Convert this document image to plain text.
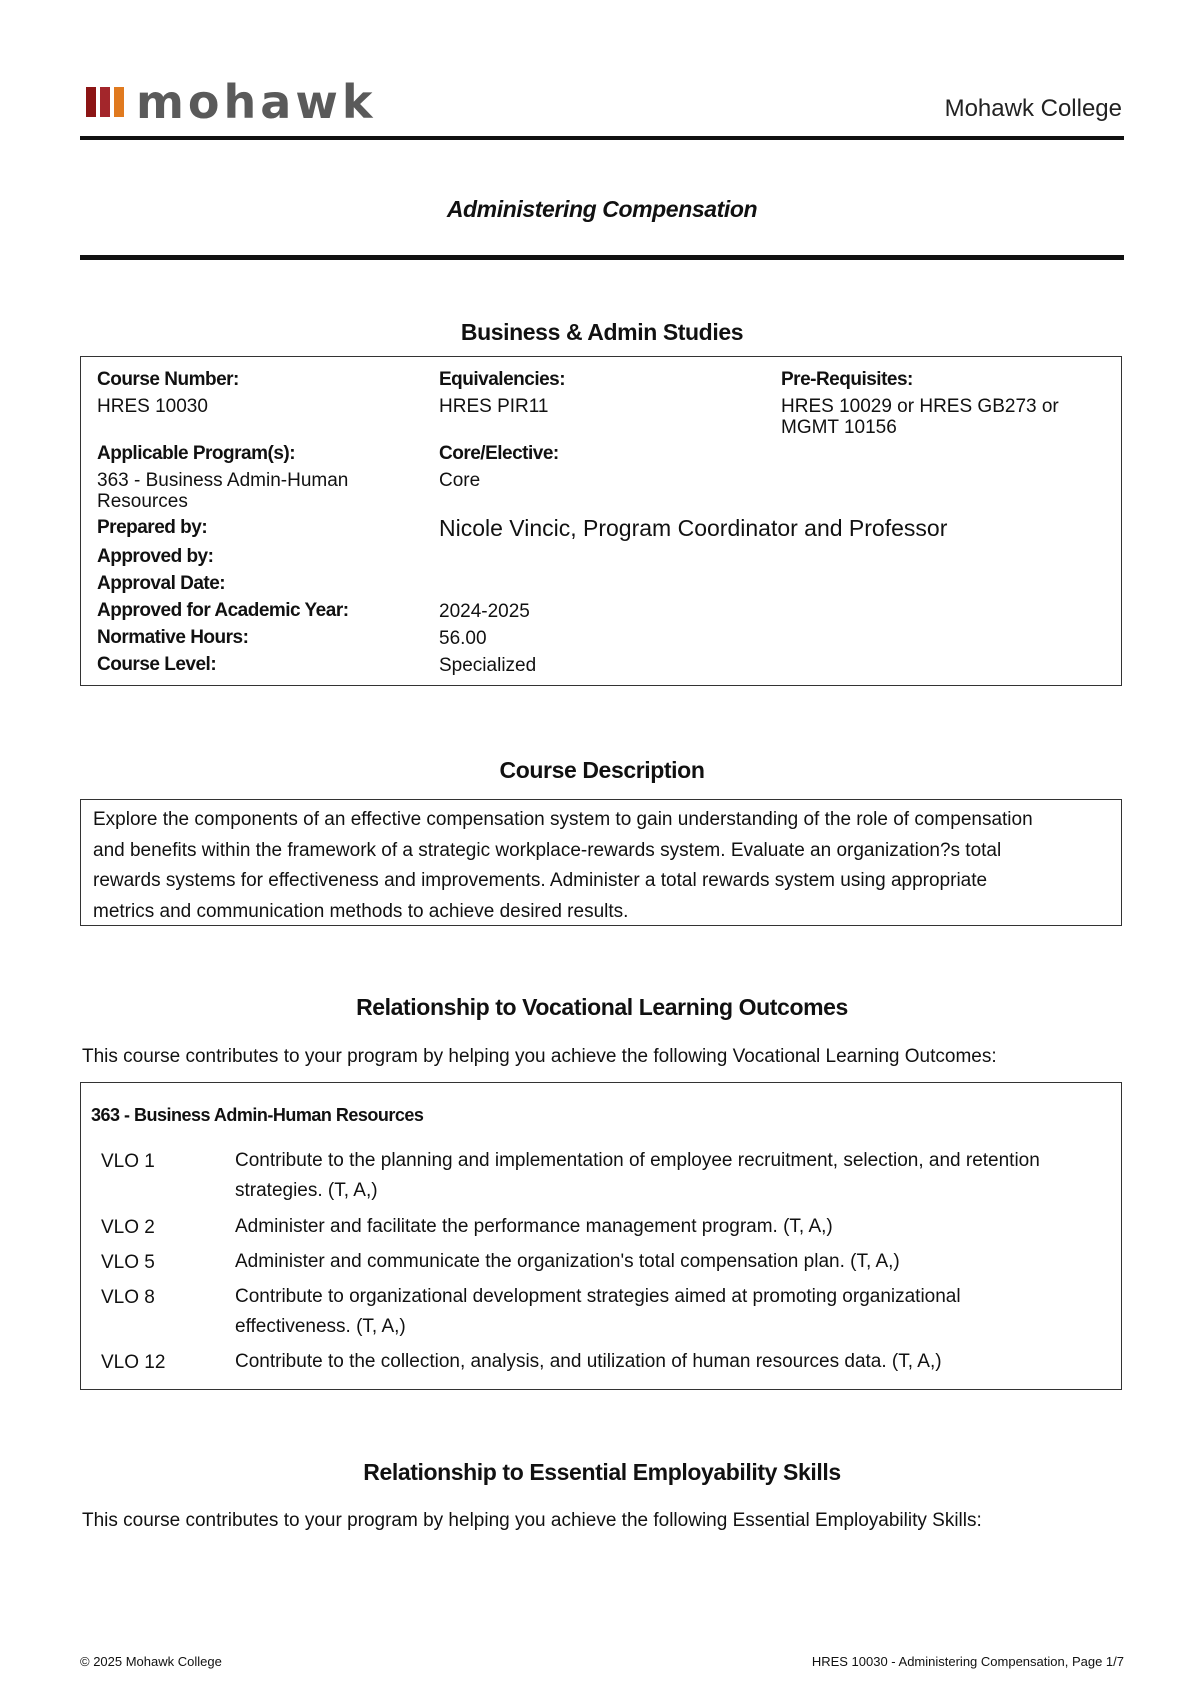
mohawk	Mohawk College
Administering Compensation
Business & Admin Studies
Course Number:
HRES 10030
Equivalencies:
HRES PIR11
Pre-Requisites:
HRES 10029 or HRES GB273 or
MGMT 10156
Applicable Program(s):
363 - Business Admin-Human
Resources
Core/Elective:
Core
Prepared by:	Nicole Vincic, Program Coordinator and Professor
Approved by:
Approval Date:
Approved for Academic Year:	2024-2025
Normative Hours:	56.00
Course Level:	Specialized
Course Description
Explore the components of an effective compensation system to gain understanding of the role of compensation
and benefits within the framework of a strategic workplace-rewards system. Evaluate an organization?s total
rewards systems for effectiveness and improvements. Administer a total rewards system using appropriate
metrics and communication methods to achieve desired results.
Relationship to Vocational Learning Outcomes
This course contributes to your program by helping you achieve the following Vocational Learning Outcomes:
363 - Business Admin-Human Resources
VLO 1	Contribute to the planning and implementation of employee recruitment, selection, and retention
strategies. (T, A,)
VLO 2	Administer and facilitate the performance management program. (T, A,)
VLO 5	Administer and communicate the organization's total compensation plan. (T, A,)
VLO 8	Contribute to organizational development strategies aimed at promoting organizational
effectiveness. (T, A,)
VLO 12	Contribute to the collection, analysis, and utilization of human resources data. (T, A,)
Relationship to Essential Employability Skills
This course contributes to your program by helping you achieve the following Essential Employability Skills:
© 2025 Mohawk College	HRES 10030 - Administering Compensation, Page 1/7
